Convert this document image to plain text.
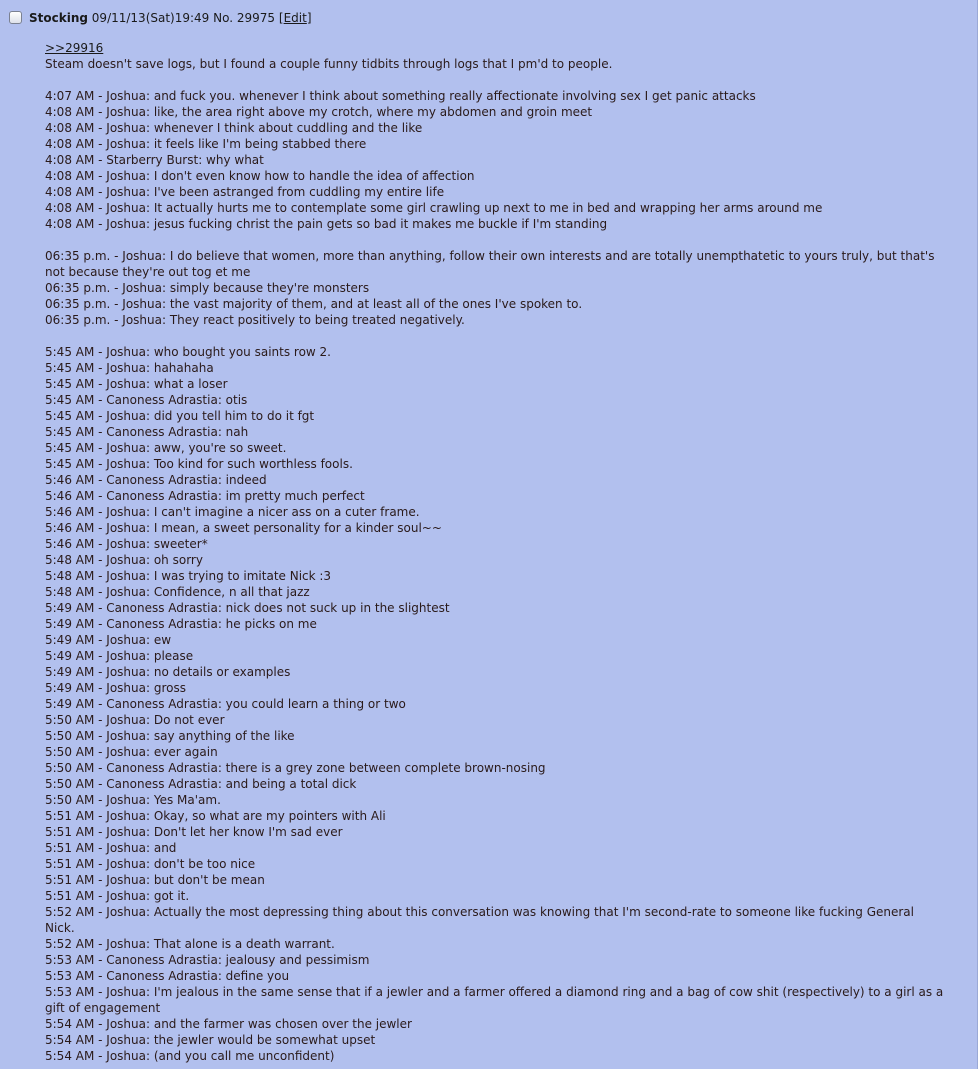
Stocking 09/11/13(Sat)19:49 No. 29975 [Edit]
>>29916
Steam doesn't save logs, but I found a couple funny tidbits through logs that I pm'd to people.
4:07 AM - Joshua: and fuck you. whenever I think about something really affectionate involving sex I get panic attacks
4:08 AM - Joshua: like, the area right above my crotch, where my abdomen and groin meet
4:08 AM - Joshua: whenever I think about cuddling and the like
4:08 AM - Joshua: it feels like I'm being stabbed there
4:08 AM - Starberry Burst: why what
4:08 AM - Joshua: I don't even know how to handle the idea of affection
4:08 AM - Joshua: I've been astranged from cuddling my entire life
4:08 AM - Joshua: It actually hurts me to contemplate some girl crawling up next to me in bed and wrapping her arms around me
4:08 AM - Joshua: jesus fucking christ the pain gets so bad it makes me buckle if I'm standing
06:35 p.m. - Joshua: I do believe that women, more than anything, follow their own interests and are totally unempthatetic to yours truly, but that's not because they're out tog et me
06:35 p.m. - Joshua: simply because they're monsters
06:35 p.m. - Joshua: the vast majority of them, and at least all of the ones I've spoken to.
06:35 p.m. - Joshua: They react positively to being treated negatively.
5:45 AM - Joshua: who bought you saints row 2.
5:45 AM - Joshua: hahahaha
5:45 AM - Joshua: what a loser
5:45 AM - Canoness Adrastia: otis
5:45 AM - Joshua: did you tell him to do it fgt
5:45 AM - Canoness Adrastia: nah
5:45 AM - Joshua: aww, you're so sweet.
5:45 AM - Joshua: Too kind for such worthless fools.
5:46 AM - Canoness Adrastia: indeed
5:46 AM - Canoness Adrastia: im pretty much perfect
5:46 AM - Joshua: I can't imagine a nicer ass on a cuter frame.
5:46 AM - Joshua: I mean, a sweet personality for a kinder soul~~
5:46 AM - Joshua: sweeter*
5:48 AM - Joshua: oh sorry
5:48 AM - Joshua: I was trying to imitate Nick :3
5:48 AM - Joshua: Confidence, n all that jazz
5:49 AM - Canoness Adrastia: nick does not suck up in the slightest
5:49 AM - Canoness Adrastia: he picks on me
5:49 AM - Joshua: ew
5:49 AM - Joshua: please
5:49 AM - Joshua: no details or examples
5:49 AM - Joshua: gross
5:49 AM - Canoness Adrastia: you could learn a thing or two
5:50 AM - Joshua: Do not ever
5:50 AM - Joshua: say anything of the like
5:50 AM - Joshua: ever again
5:50 AM - Canoness Adrastia: there is a grey zone between complete brown-nosing
5:50 AM - Canoness Adrastia: and being a total dick
5:50 AM - Joshua: Yes Ma'am.
5:51 AM - Joshua: Okay, so what are my pointers with Ali
5:51 AM - Joshua: Don't let her know I'm sad ever
5:51 AM - Joshua: and
5:51 AM - Joshua: don't be too nice
5:51 AM - Joshua: but don't be mean
5:51 AM - Joshua: got it.
5:52 AM - Joshua: Actually the most depressing thing about this conversation was knowing that I'm second-rate to someone like fucking General Nick.
5:52 AM - Joshua: That alone is a death warrant.
5:53 AM - Canoness Adrastia: jealousy and pessimism
5:53 AM - Canoness Adrastia: define you
5:53 AM - Joshua: I'm jealous in the same sense that if a jewler and a farmer offered a diamond ring and a bag of cow shit (respectively) to a girl as a gift of engagement
5:54 AM - Joshua: and the farmer was chosen over the jewler
5:54 AM - Joshua: the jewler would be somewhat upset
5:54 AM - Joshua: (and you call me unconfident)
